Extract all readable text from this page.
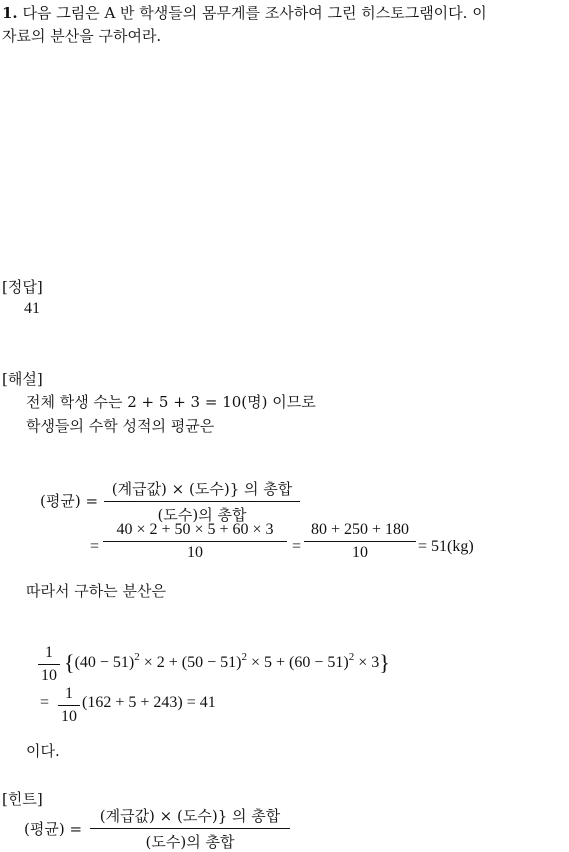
1. 다음 그림은 A 반 학생들의 몸무게를 조사하여 그린 히스토그램이다. 이
자료의 분산을 구하여라.
[정답]
41
[해설]
전체 학생 수는 2 + 5 + 3 = 10(명) 이므로
학생들의 수학 성적의 평균은
(평균) =
(계급값) × (도수)} 의 총합
(도수)의 총합
=
40 × 2 + 50 × 5 + 60 × 3
10	=
80 + 250 + 180
10	= 51(kg)
따라서 구하는 분산은
1
10
$\{(40 - 51)^2 \times 2 + (50 - 51)^2 \times 5 + (60 - 51)^2 \times 3\}$
=
1
10
(162 + 5 + 243) = 41
이다.
[힌트]
(평균) =
(계급값) × (도수)} 의 총합
(도수)의 총합
